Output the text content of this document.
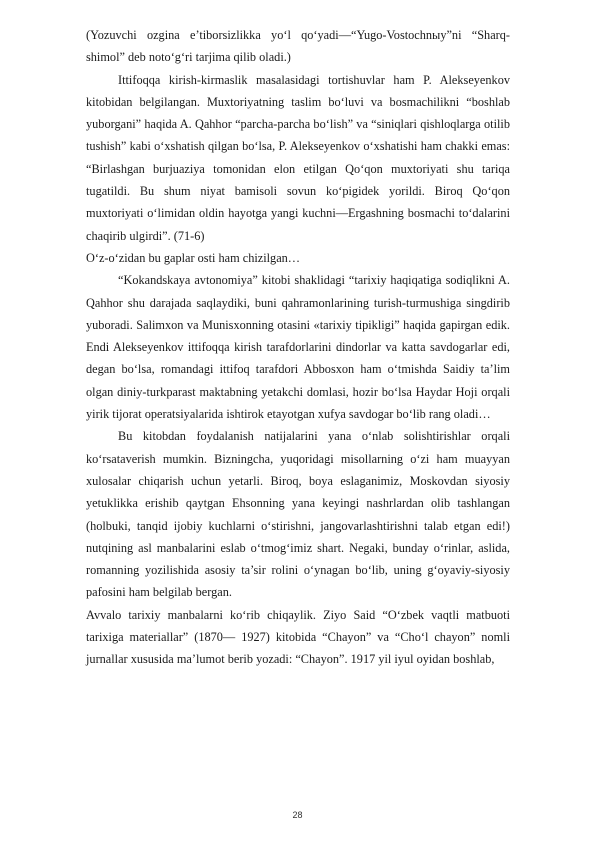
(Yozuvchi ozgina e’tiborsizlikka yo‘l qo‘yadi—“Yugo-Vostochnыy”ni “Sharq-shimol” deb noto‘g‘ri tarjima qilib oladi.)

Ittifoqqa kirish-kirmaslik masalasidagi tortishuvlar ham P. Alekseyenkov kitobidan belgilangan. Muxtoriyatning taslim bo‘luvi va bosmachilikni “boshlab yuborgani” haqida A. Qahhor “parcha-parcha bo‘lish” va “siniqlari qishloqlarga otilib tushish” kabi o‘xshatish qilgan bo‘lsa, P. Alekseyenkov o‘xshatishi ham chakki emas: “Birlashgan burjuaziya tomonidan elon etilgan Qo‘qon muxtoriyati shu tariqa tugatildi. Bu shum niyat bamisoli sovun ko‘pigidek yorildi. Biroq Qo‘qon muxtoriyati o‘limidan oldin hayotga yangi kuchni—Ergashning bosmachi to‘dalarini chaqirib ulgirdi”. (71-6)

O‘z-o‘zidan bu gaplar osti ham chizilgan…

“Kokandskaya avtonomiya” kitobi shaklidagi “tarixiy haqiqatiga sodiqlikni A. Qahhor shu darajada saqlaydiki, buni qahramonlarining turish-turmushiga singdirib yuboradi. Salimxon va Munisxonning otasini «tarixiy tipikligi” haqida gapirgan edik. Endi Alekseyenkov ittifoqqa kirish tarafdorlarini dindorlar va katta savdogarlar edi, degan bo‘lsa, romandagi ittifoq tarafdori Abbosxon ham o‘tmishda Saidiy ta’lim olgan diniy-turkparast maktabning yetakchi domlasi, hozir bo‘lsa Haydar Hoji orqali yirik tijorat operatsiyalarida ishtirok etayotgan xufya savdogar bo‘lib rang oladi…

Bu kitobdan foydalanish natijalarini yana o‘nlab solishtirishlar orqali ko‘rsataverish mumkin. Bizningcha, yuqoridagi misollarning o‘zi ham muayyan xulosalar chiqarish uchun yetarli. Biroq, boya eslaganimiz, Moskovdan siyosiy yetuklikka erishib qaytgan Ehsonning yana keyingi nashrlardan olib tashlangan (holbuki, tanqid ijobiy kuchlarni o‘stirishni, jangovarlashtirishni talab etgan edi!) nutqining asl manbalarini eslab o‘tmog‘imiz shart. Negaki, bunday o‘rinlar, aslida, romanning yozilishida asosiy ta’sir rolini o‘ynagan bo‘lib, uning g‘oyaviy-siyosiy pafosini ham belgilab bergan.

Avvalo tarixiy manbalarni ko‘rib chiqaylik. Ziyo Said “O‘zbek vaqtli matbuoti tarixiga materiallar” (1870— 1927) kitobida “Chayon” va “Cho‘l chayon” nomli jurnallar xususida ma’lumot berib yozadi: “Chayon”. 1917 yil iyul oyidan boshlab,

28
